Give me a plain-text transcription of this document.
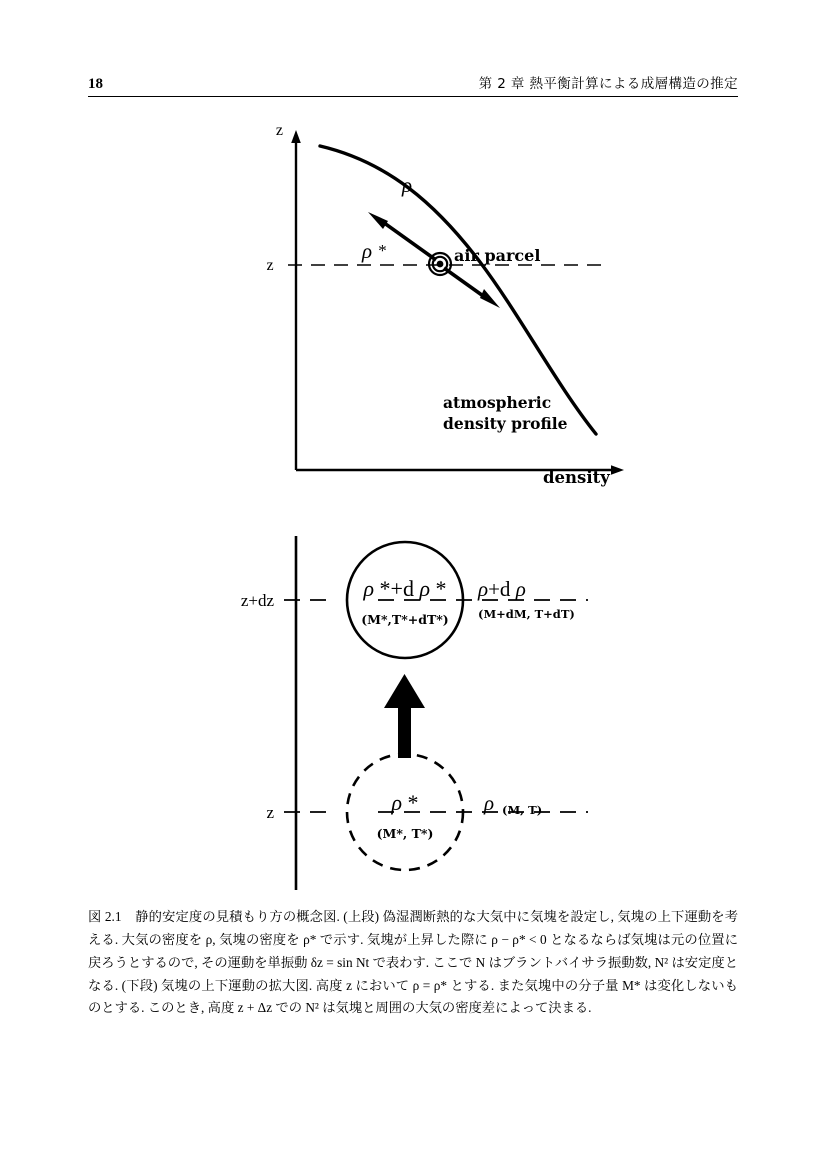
18	第 2 章 熱平衡計算による成層構造の推定
z
z
ρ
ρ *	air parcel
atmospheric
density profile
density
z+dz
z
ρ *+d ρ *
(M*,T*+dT*)
ρ+d ρ
(M+dM, T+dT)
ρ *
(M*, T*)
ρ (M, T)
図 2.1 静的安定度の見積もり方の概念図. (上段) 偽湿潤断熱的な大気中に気塊を設定し, 気塊の上下運動を考える. 大気の密度を ρ, 気塊の密度を ρ* で示す. 気塊が上昇した際に ρ − ρ* < 0 となるならば気塊は元の位置に戻ろうとするので, その運動を単振動 δz = sin Nt で表わす. ここで N はブラントバイサラ振動数, N² は安定度となる. (下段) 気塊の上下運動の拡大図. 高度 z において ρ = ρ* とする. また気塊中の分子量 M* は変化しないものとする. このとき, 高度 z + Δz での N² は気塊と周囲の大気の密度差によって決まる.
